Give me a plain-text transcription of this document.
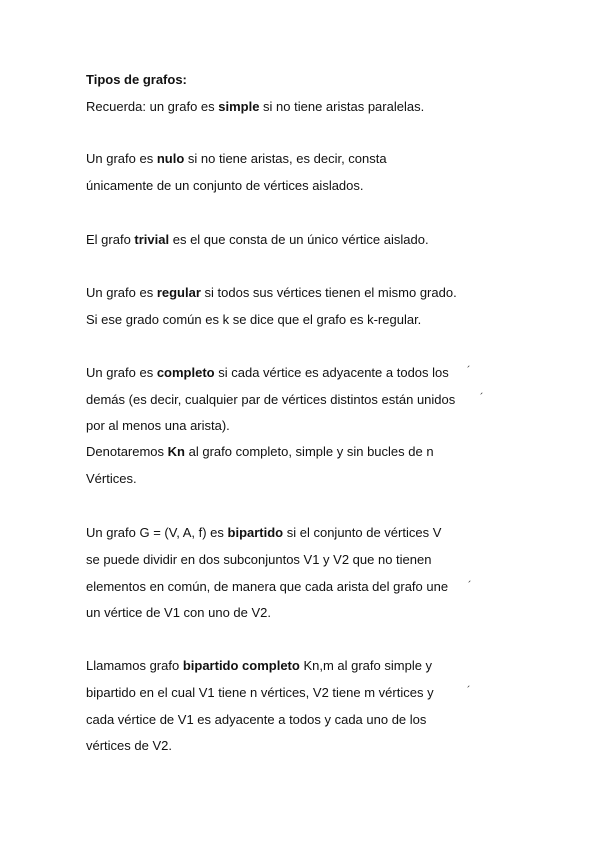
Tipos de grafos:
Recuerda: un grafo es simple si no tiene aristas paralelas.
Un grafo es nulo si no tiene aristas, es decir, consta
únicamente de un conjunto de vértices aislados.
El grafo trivial es el que consta de un único vértice aislado.
Un grafo es regular si todos sus vértices tienen el mismo grado.
Si ese grado común es k se dice que el grafo es k-regular.
Un grafo es completo si cada vértice es adyacente a todos los ´
demás (es decir, cualquier par de vértices distintos están unidos ´
por al menos una arista).
Denotaremos Kn al grafo completo, simple y sin bucles de n
Vértices.
Un grafo G = (V, A, f) es bipartido si el conjunto de vértices V
se puede dividir en dos subconjuntos V1 y V2 que no tienen
elementos en común, de manera que cada arista del grafo une ´
un vértice de V1 con uno de V2.
Llamamos grafo bipartido completo Kn,m al grafo simple y
bipartido en el cual V1 tiene n vértices, V2 tiene m vértices y	´
cada vértice de V1 es adyacente a todos y cada uno de los
vértices de V2.
